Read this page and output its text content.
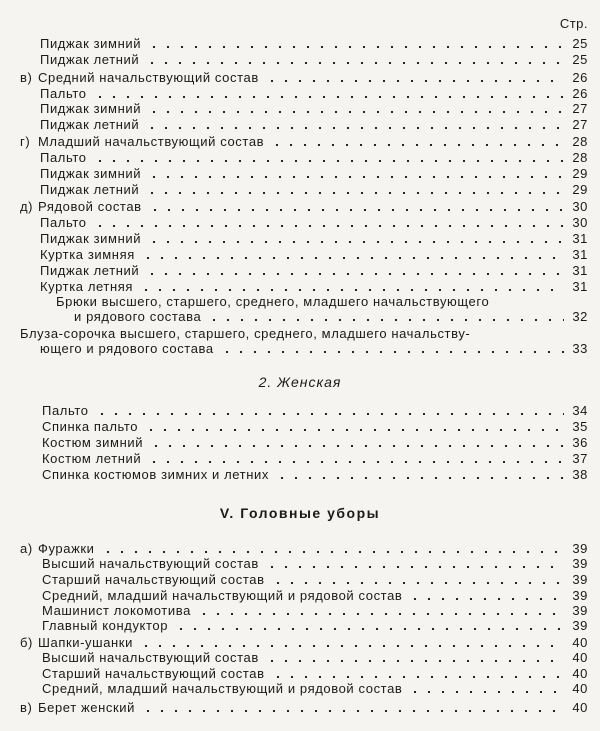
Стр.
Пиджак зимний	25
Пиджак летний	25
в) Средний начальствующий состав	26
Пальто	26
Пиджак зимний	27
Пиджак летний	27
г) Младший начальствующий состав	28
Пальто	28
Пиджак зимний	29
Пиджак летний	29
д) Рядовой состав	30
Пальто	30
Пиджак зимний	31
Куртка зимняя	31
Пиджак летний	31
Куртка летняя	31
Брюки высшего, старшего, среднего, младшего начальствующего
и рядового состава	32
Блуза-сорочка высшего, старшего, среднего, младшего начальству-
ющего и рядового состава	33
2. Женская
Пальто	34
Спинка пальто	35
Костюм зимний	36
Костюм летний	37
Спинка костюмов зимних и летних	38
V. Головные уборы
а) Фуражки	39
Высший начальствующий состав	39
Старший начальствующий состав	39
Средний, младший начальствующий и рядовой состав	39
Машинист локомотива	39
Главный кондуктор	39
б) Шапки-ушанки	40
Высший начальствующий состав	40
Старший начальствующий состав	40
Средний, младший начальствующий и рядовой состав	40
в) Берет женский	40
